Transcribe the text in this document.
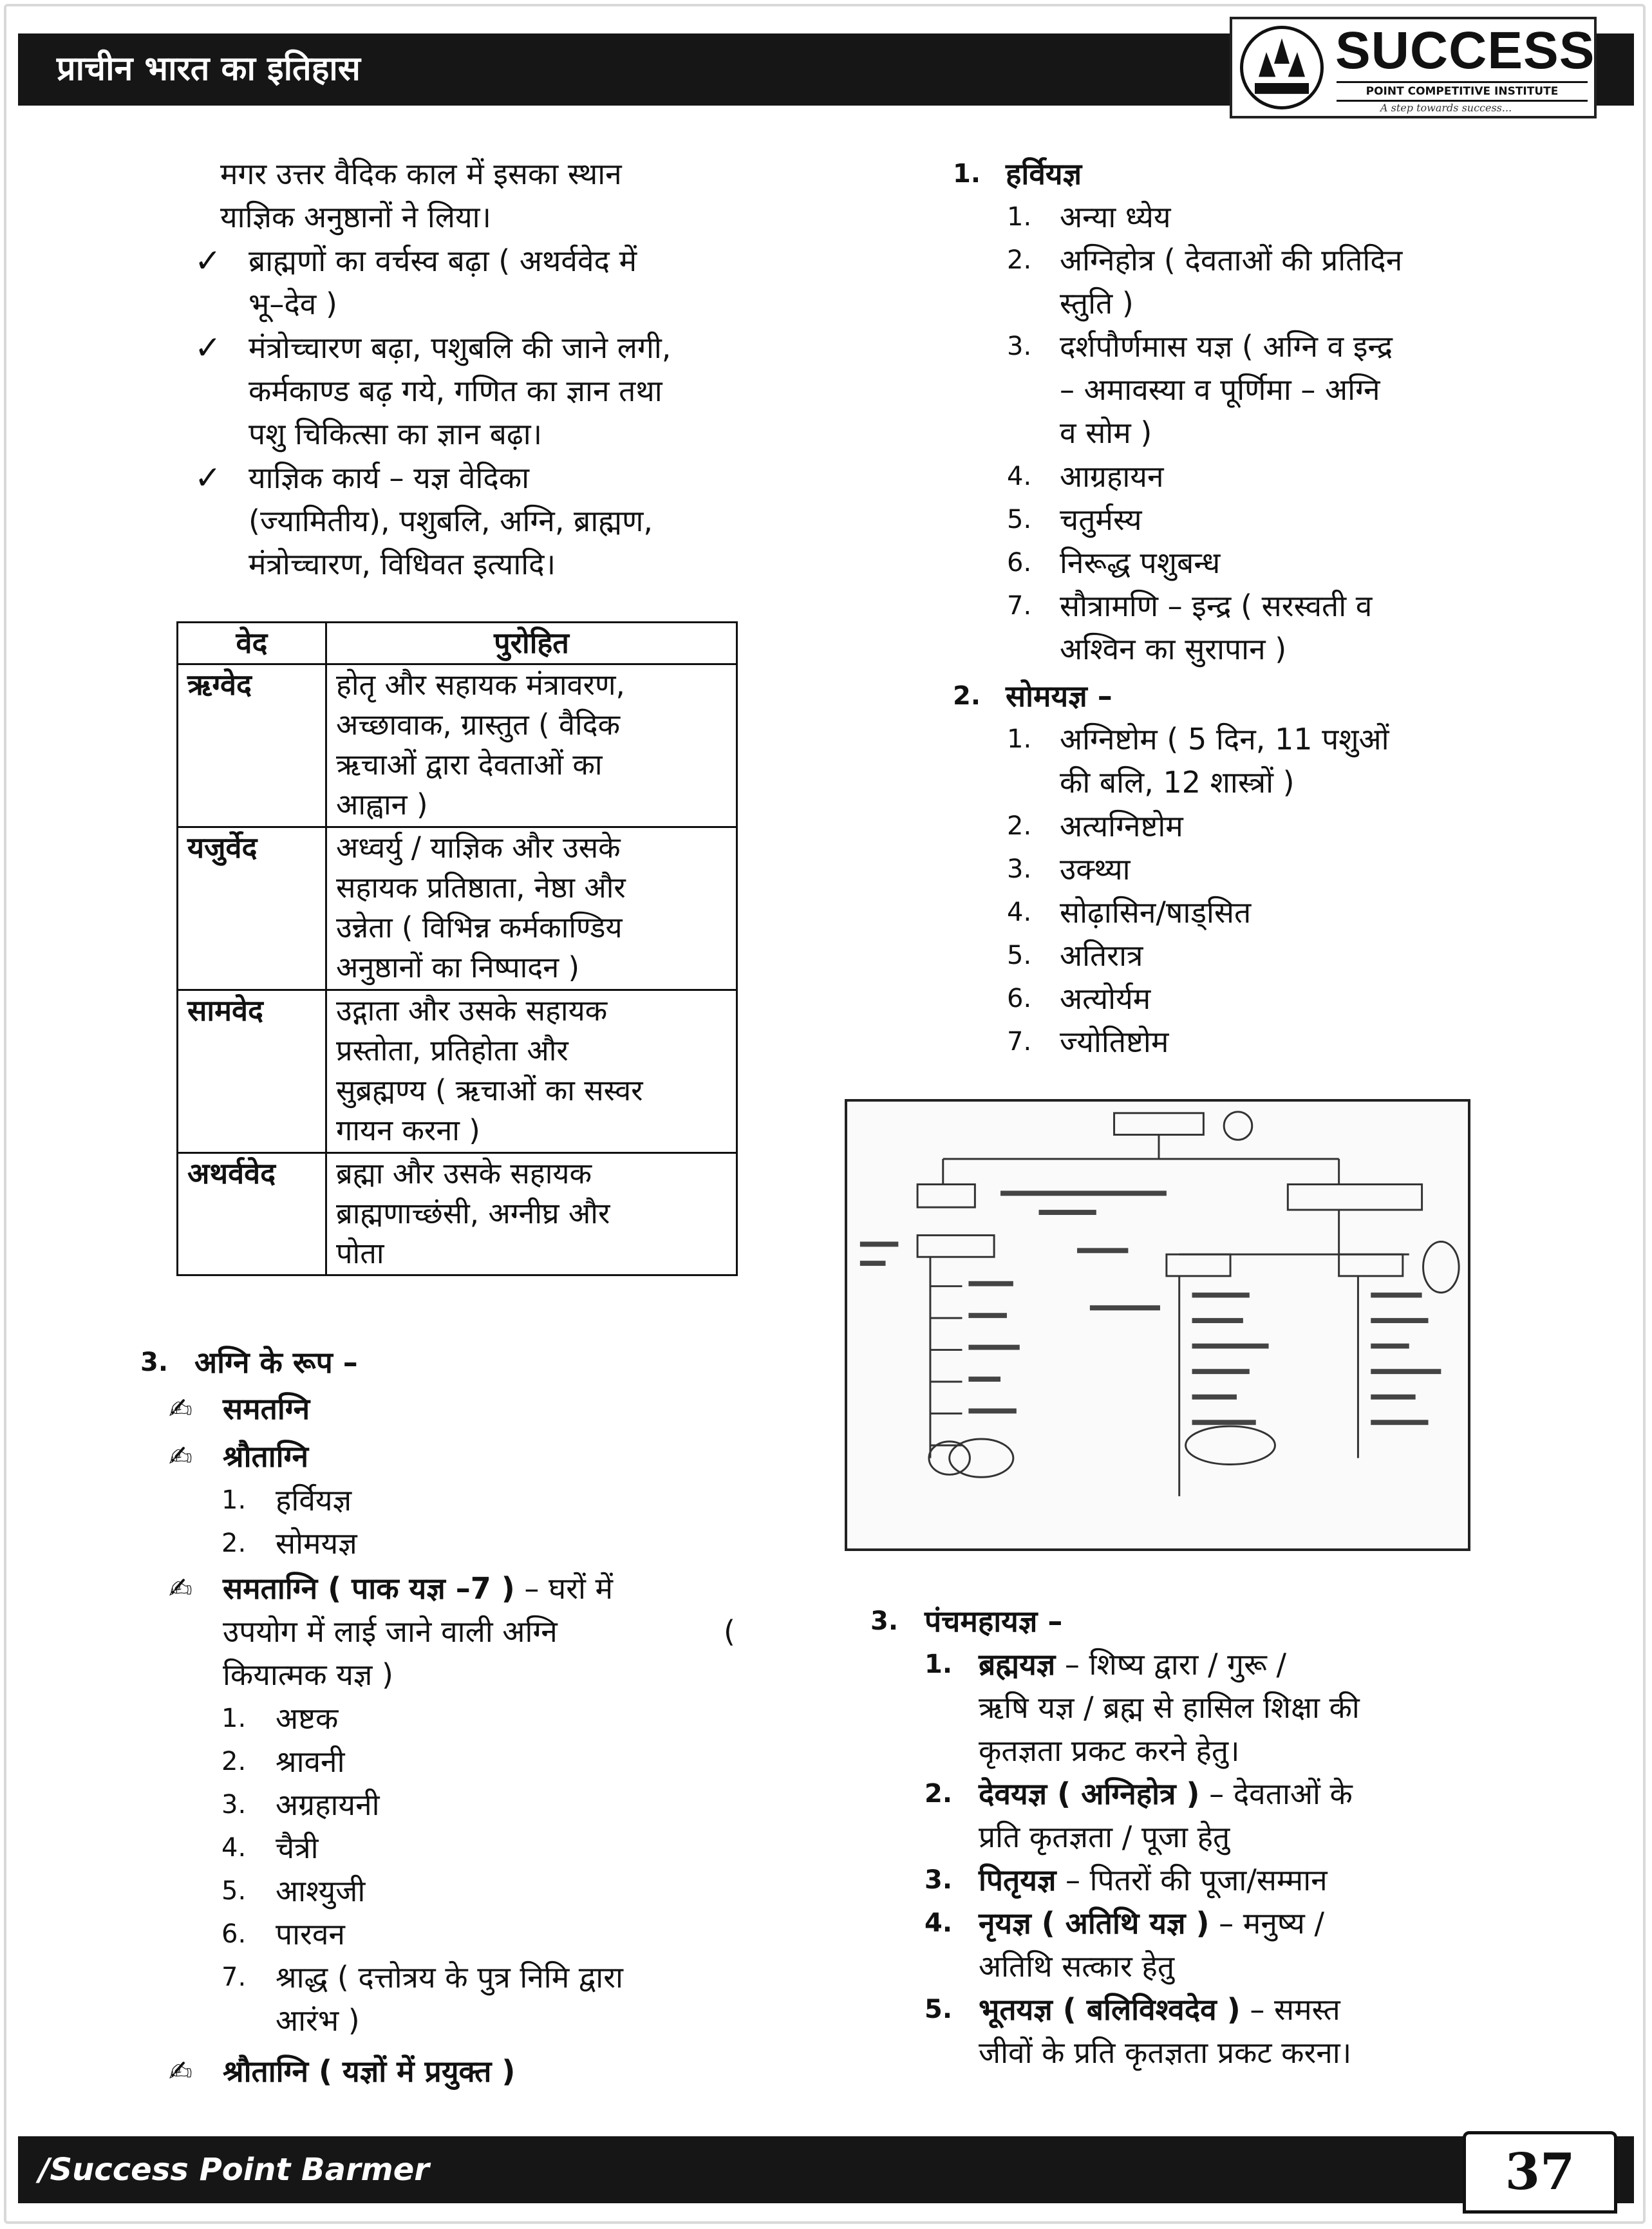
प्राचीन भारत का इतिहास	SUCCESS
POINT COMPETITIVE INSTITUTE
A step towards success...
मगर उत्तर वैदिक काल में इसका स्थान
याज्ञिक अनुष्ठानों ने लिया।
✓ ब्राह्मणों का वर्चस्व बढ़ा ( अथर्ववेद में
भू–देव )
✓ मंत्रोच्चारण बढ़ा, पशुबलि की जाने लगी,
कर्मकाण्ड बढ़ गये, गणित का ज्ञान तथा
पशु चिकित्सा का ज्ञान बढ़ा।
✓ याज्ञिक कार्य – यज्ञ वेदिका
(ज्यामितीय), पशुबलि, अग्नि, ब्राह्मण,
मंत्रोच्चारण, विधिवत इत्यादि।
वेद	पुरोहित
ऋग्वेद	होतृ और सहायक मंत्रावरण,
अच्छावाक, ग्रास्तुत ( वैदिक
ऋचाओं द्वारा देवताओं का
आह्वान )
यजुर्वेद	अध्वर्यु / याज्ञिक और उसके
सहायक प्रतिष्ठाता, नेष्ठा और
उन्नेता ( विभिन्न कर्मकाण्डिय
अनुष्ठानों का निष्पादन )
सामवेद	उद्गाता और उसके सहायक
प्रस्तोता, प्रतिहोता और
सुब्रह्मण्य ( ऋचाओं का सस्वर
गायन करना )
अथर्ववेद	ब्रह्मा और उसके सहायक
ब्राह्मणाच्छंसी, अग्नीघ्र और
पोता
3. अग्नि के रूप –
✍ समतग्नि
✍ श्रौताग्नि
1. हर्वियज्ञ
2. सोमयज्ञ
✍ समताग्नि ( पाक यज्ञ –7 ) – घरों में
उपयोग में लाई जाने वाली अग्नि	(
कियात्मक यज्ञ )
1. अष्टक
2. श्रावनी
3. अग्रहायनी
4. चैत्री
5. आश्युजी
6. पारवन
7. श्राद्ध ( दत्तोत्रय के पुत्र निमि द्वारा
आरंभ )
✍ श्रौताग्नि ( यज्ञों में प्रयुक्त )
1. हर्वियज्ञ
1. अन्या ध्येय
2. अग्निहोत्र ( देवताओं की प्रतिदिन
स्तुति )
3. दर्शपौर्णमास यज्ञ ( अग्नि व इन्द्र
– अमावस्या व पूर्णिमा – अग्नि
व सोम )
4. आग्रहायन
5. चतुर्मस्य
6. निरूद्ध पशुबन्ध
7. सौत्रामणि – इन्द्र ( सरस्वती व
अश्विन का सुरापान )
2. सोमयज्ञ –
1. अग्निष्टोम ( 5 दिन, 11 पशुओं
की बलि, 12 शास्त्रों )
2. अत्यग्निष्टोम
3. उक्थ्या
4. सोढ़ासिन/षाड्सित
5. अतिरात्र
6. अत्योर्यम
7. ज्योतिष्टोम
3. पंचमहायज्ञ –
1. ब्रह्मयज्ञ – शिष्य द्वारा / गुरू /
ऋषि यज्ञ / ब्रह्म से हासिल शिक्षा की
कृतज्ञता प्रकट करने हेतु।
2. देवयज्ञ ( अग्निहोत्र ) – देवताओं के
प्रति कृतज्ञता / पूजा हेतु
3. पितृयज्ञ – पितरों की पूजा/सम्मान
4. नृयज्ञ ( अतिथि यज्ञ ) – मनुष्य /
अतिथि सत्कार हेतु
5. भूतयज्ञ ( बलिविश्वदेव ) – समस्त
जीवों के प्रति कृतज्ञता प्रकट करना।
/Success Point Barmer	37
